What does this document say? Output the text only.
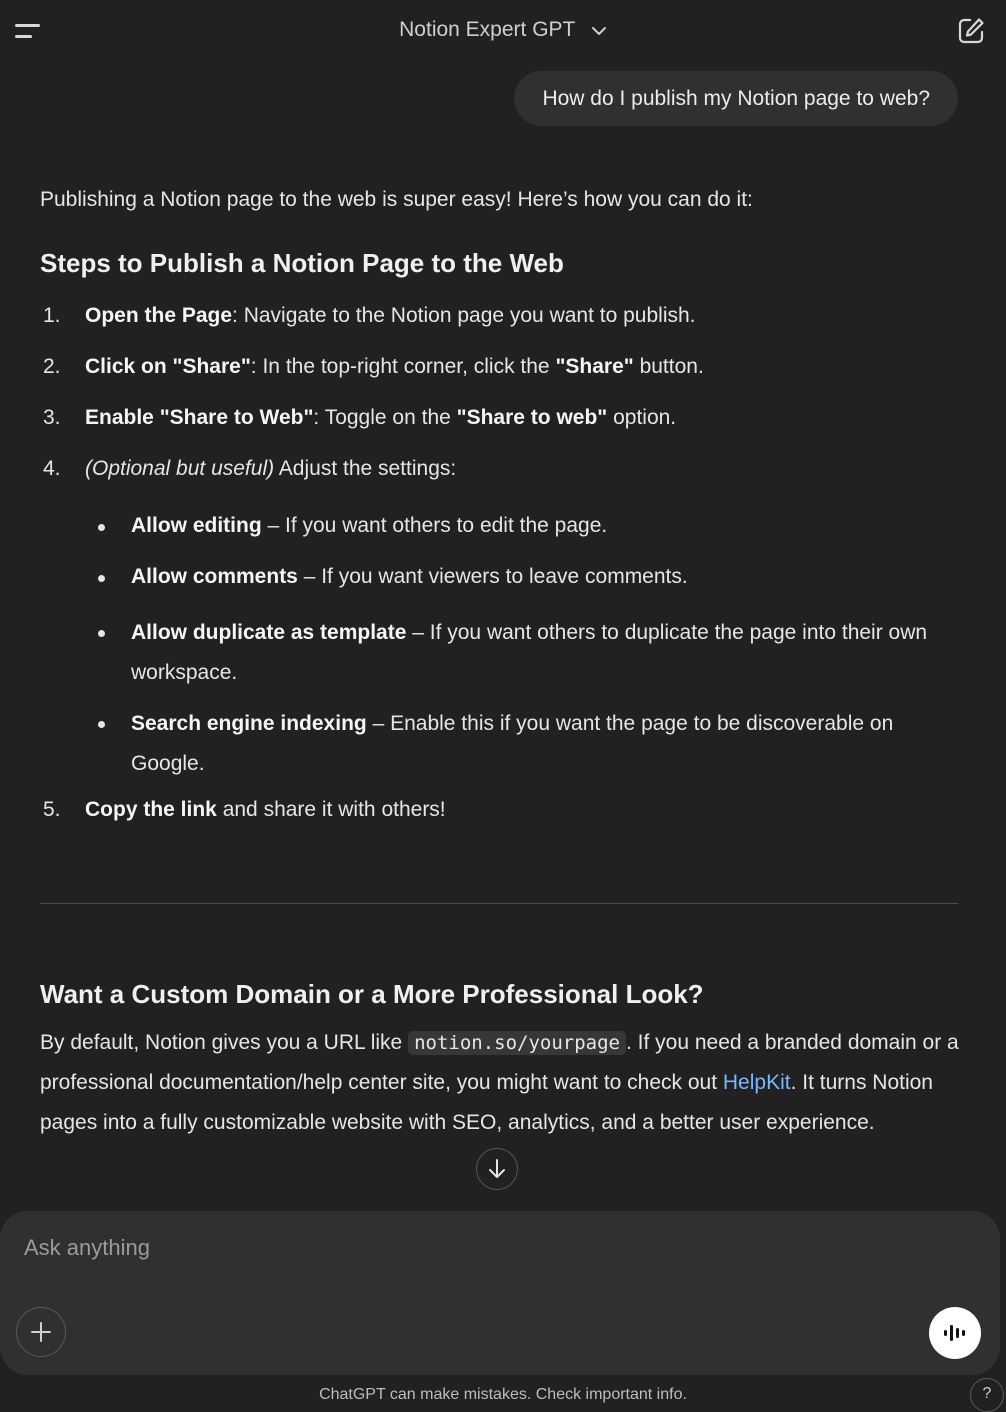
Notion Expert GPT
How do I publish my Notion page to web?

Publishing a Notion page to the web is super easy! Here’s how you can do it:

Steps to Publish a Notion Page to the Web
1. Open the Page: Navigate to the Notion page you want to publish.
2. Click on "Share": In the top-right corner, click the "Share" button.
3. Enable "Share to Web": Toggle on the "Share to web" option.
4. (Optional but useful) Adjust the settings:
Allow editing – If you want others to edit the page.
Allow comments – If you want viewers to leave comments.
Allow duplicate as template – If you want others to duplicate the page into their own workspace.
Search engine indexing – Enable this if you want the page to be discoverable on Google.
5. Copy the link and share it with others!
Want a Custom Domain or a More Professional Look?

By default, Notion gives you a URL like notion.so/yourpage . If you need a branded domain or a professional documentation/help center site, you might want to check out HelpKit. It turns Notion pages into a fully customizable website with SEO, analytics, and a better user experience.

Ask anything
ChatGPT can make mistakes. Check important info.	?
